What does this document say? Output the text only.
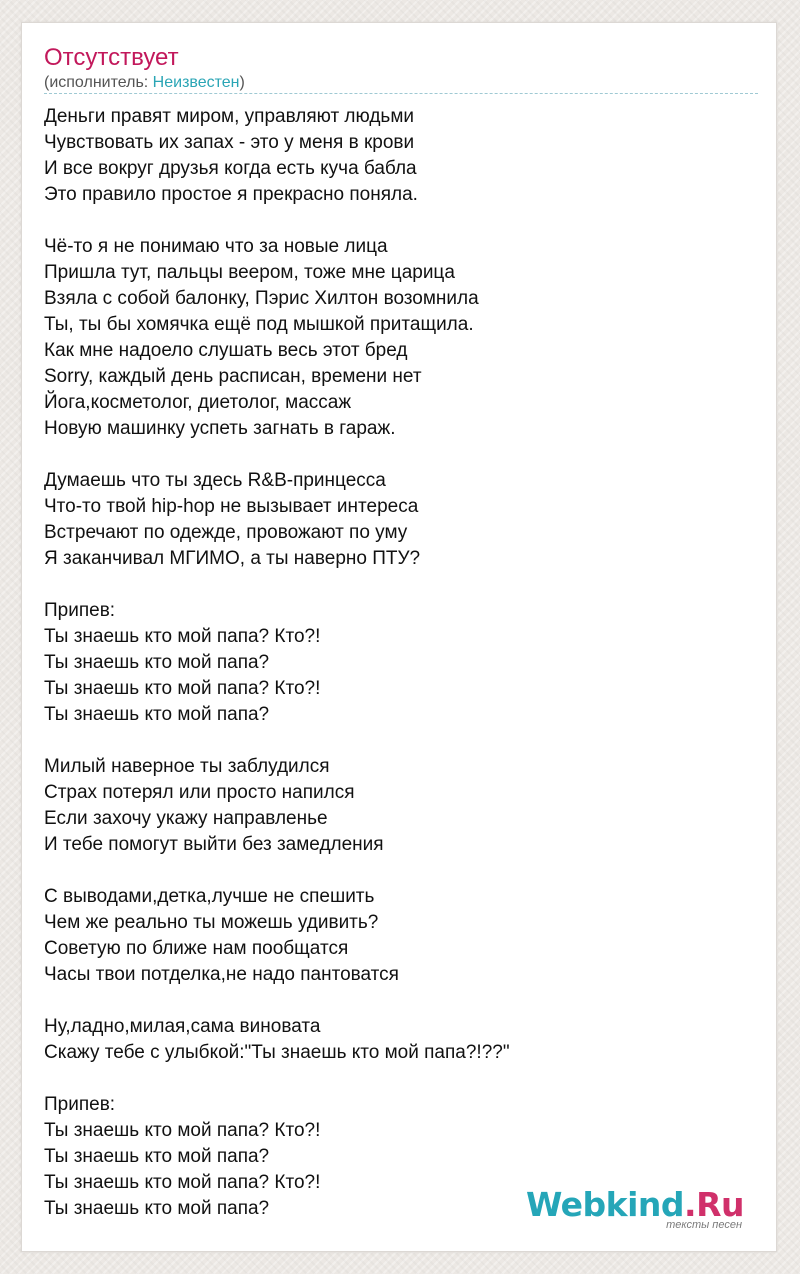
Отсутствует
(исполнитель: Неизвестен)
Деньги правят миром, управляют людьми
Чувствовать их запах - это у меня в крови
И все вокруг друзья когда есть куча бабла
Это правило простое я прекрасно поняла.
Чё-то я не понимаю что за новые лица
Пришла тут, пальцы веером, тоже мне царица
Взяла с собой балонку, Пэрис Хилтон возомнила
Ты, ты бы хомячка ещё под мышкой притащила.
Как мне надоело слушать весь этот бред
Sorry, каждый день расписан, времени нет
Йога,косметолог, диетолог, массаж
Новую машинку успеть загнать в гараж.
Думаешь что ты здесь R&B-принцесса
Что-то твой hip-hop не вызывает интереса
Встречают по одежде, провожают по уму
Я заканчивал МГИМО, а ты наверно ПТУ?
Припев:
Ты знаешь кто мой папа? Кто?!
Ты знаешь кто мой папа?
Ты знаешь кто мой папа? Кто?!
Ты знаешь кто мой папа?
Милый наверное ты заблудился
Страх потерял или просто напился
Если захочу укажу направленье
И тебе помогут выйти без замедления
С выводами,детка,лучше не спешить
Чем же реально ты можешь удивить?
Советую по ближе нам пообщатся
Часы твои потделка,не надо пантоватся
Ну,ладно,милая,сама виновата
Скажу тебе с улыбкой:"Ты знаешь кто мой папа?!??"
Припев:
Ты знаешь кто мой папа? Кто?!
Ты знаешь кто мой папа?
Ты знаешь кто мой папа? Кто?!
Ты знаешь кто мой папа?	Webkind.Ru
тексты песен
